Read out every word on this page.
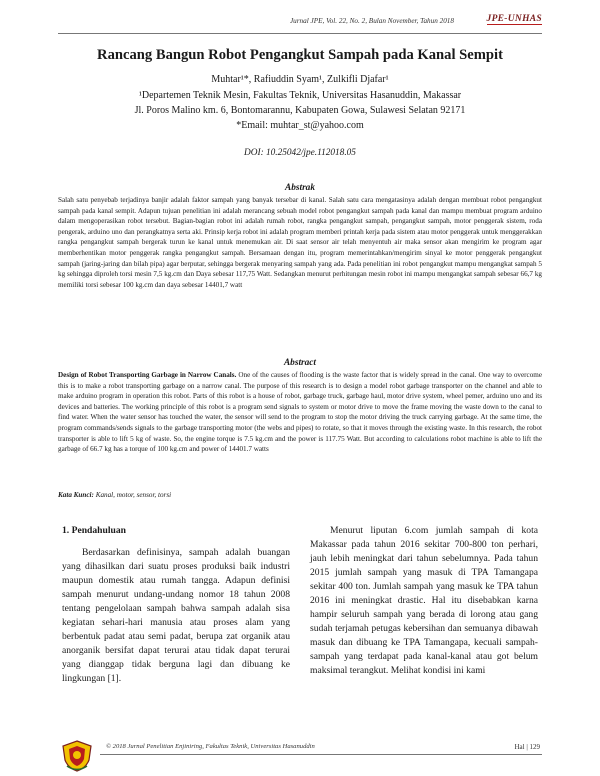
Jurnal JPE, Vol. 22, No. 2, Bulan November, Tahun 2018	JPE-UNHAS
Rancang Bangun Robot Pengangkut Sampah pada Kanal Sempit
Muhtar¹*, Rafiuddin Syam¹, Zulkifli Djafar¹
¹Departemen Teknik Mesin, Fakultas Teknik, Universitas Hasanuddin, Makassar
Jl. Poros Malino km. 6, Bontomarannu, Kabupaten Gowa, Sulawesi Selatan 92171
*Email: muhtar_st@yahoo.com
DOI: 10.25042/jpe.112018.05
Abstrak

Salah satu penyebab terjadinya banjir adalah faktor sampah yang banyak tersebar di kanal. Salah satu cara mengatasinya adalah dengan membuat robot pengangkut sampah pada kanal sempit. Adapun tujuan penelitian ini adalah merancang sebuah model robot pengangkut sampah pada kanal dan mampu membuat program arduino dalam mengoperasikan robot tersebut. Bagian-bagian robot ini adalah rumah robot, rangka pengangkut sampah, pengangkut sampah, motor penggerak sistem, roda pengerak, arduino uno dan perangkatnya serta aki. Prinsip kerja robot ini adalah program memberi printah kerja pada sistem atau motor penggerak untuk menggerakkan rangka pengangkut sampah bergerak turun ke kanal untuk menemukan air. Di saat sensor air telah menyentuh air maka sensor akan mengirim ke program agar memberhentikan motor penggerak rangka pengangkut sampah. Bersamaan dengan itu, program memerintahkan/mengirim sinyal ke motor penggerak pengangkut sampah (jaring-jaring dan bilah pipa) agar berputar, sehingga bergerak menyaring sampah yang ada. Pada penelitian ini robot pengangkut mampu mengangkat sampah 5 kg sehingga diproleh torsi mesin 7,5 kg.cm dan Daya sebesar 117,75 Watt. Sedangkan menurut perhitungan mesin robot ini mampu mengangkat sampah sebesar 66,7 kg memiliki torsi sebesar 100 kg.cm dan daya sebesar 14401,7 watt

Abstract

Design of Robot Transporting Garbage in Narrow Canals. One of the causes of flooding is the waste factor that is widely spread in the canal. One way to overcome this is to make a robot transporting garbage on a narrow canal. The purpose of this research is to design a model robot garbage transporter on the channel and able to make arduino program in operation this robot. Parts of this robot is a house of robot, garbage truck, garbage haul, motor drive system, wheel pemer, arduino uno and its devices and batteries. The working principle of this robot is a program send signals to system or motor drive to move the frame moving the waste down to the canal to find water. When the water sensor has touched the water, the sensor will send to the program to stop the motor driving the truck carrying garbage. At the same time, the program commands/sends signals to the garbage transporting motor (the webs and pipes) to rotate, so that it moves through the existing waste. In this research, the robot transporter is able to lift 5 kg of waste. So, the engine torque is 7.5 kg.cm and the power is 117.75 Watt. But according to calculations robot machine is able to lift the garbage of 66.7 kg has a torque of 100 kg.cm and power of 14401.7 watts

Kata Kunci: Kanal, motor, sensor, torsi
1. Pendahuluan

Berdasarkan definisinya, sampah adalah buangan yang dihasilkan dari suatu proses produksi baik industri maupun domestik atau rumah tangga. Adapun definisi sampah menurut undang-undang nomor 18 tahun 2008 tentang pengelolaan sampah bahwa sampah adalah sisa kegiatan sehari-hari manusia atau proses alam yang berbentuk padat atau semi padat, berupa zat organik atau anorganik bersifat dapat terurai atau tidak dapat terurai yang dianggap tidak berguna lagi dan dibuang ke lingkungan [1].

Menurut liputan 6.com jumlah sampah di kota Makassar pada tahun 2016 sekitar 700-800 ton perhari, jauh lebih meningkat dari tahun sebelumnya. Pada tahun 2015 jumlah sampah yang masuk di TPA Tamangapa sekitar 400 ton. Jumlah sampah yang masuk ke TPA tahun 2016 ini meningkat drastic. Hal itu disebabkan karna hampir seluruh sampah yang berada di lorong atau gang sudah terjamah petugas kebersihan dan semuanya dibawah masuk dan dibuang ke TPA Tamangapa, kecuali sampah-sampah yang terdapat pada kanal-kanal atau got belum maksimal terangkut. Melihat kondisi ini kami

© 2018 Jurnal Penelitian Enjiniring, Fakultas Teknik, Universitas Hasanuddin	Hal | 129
